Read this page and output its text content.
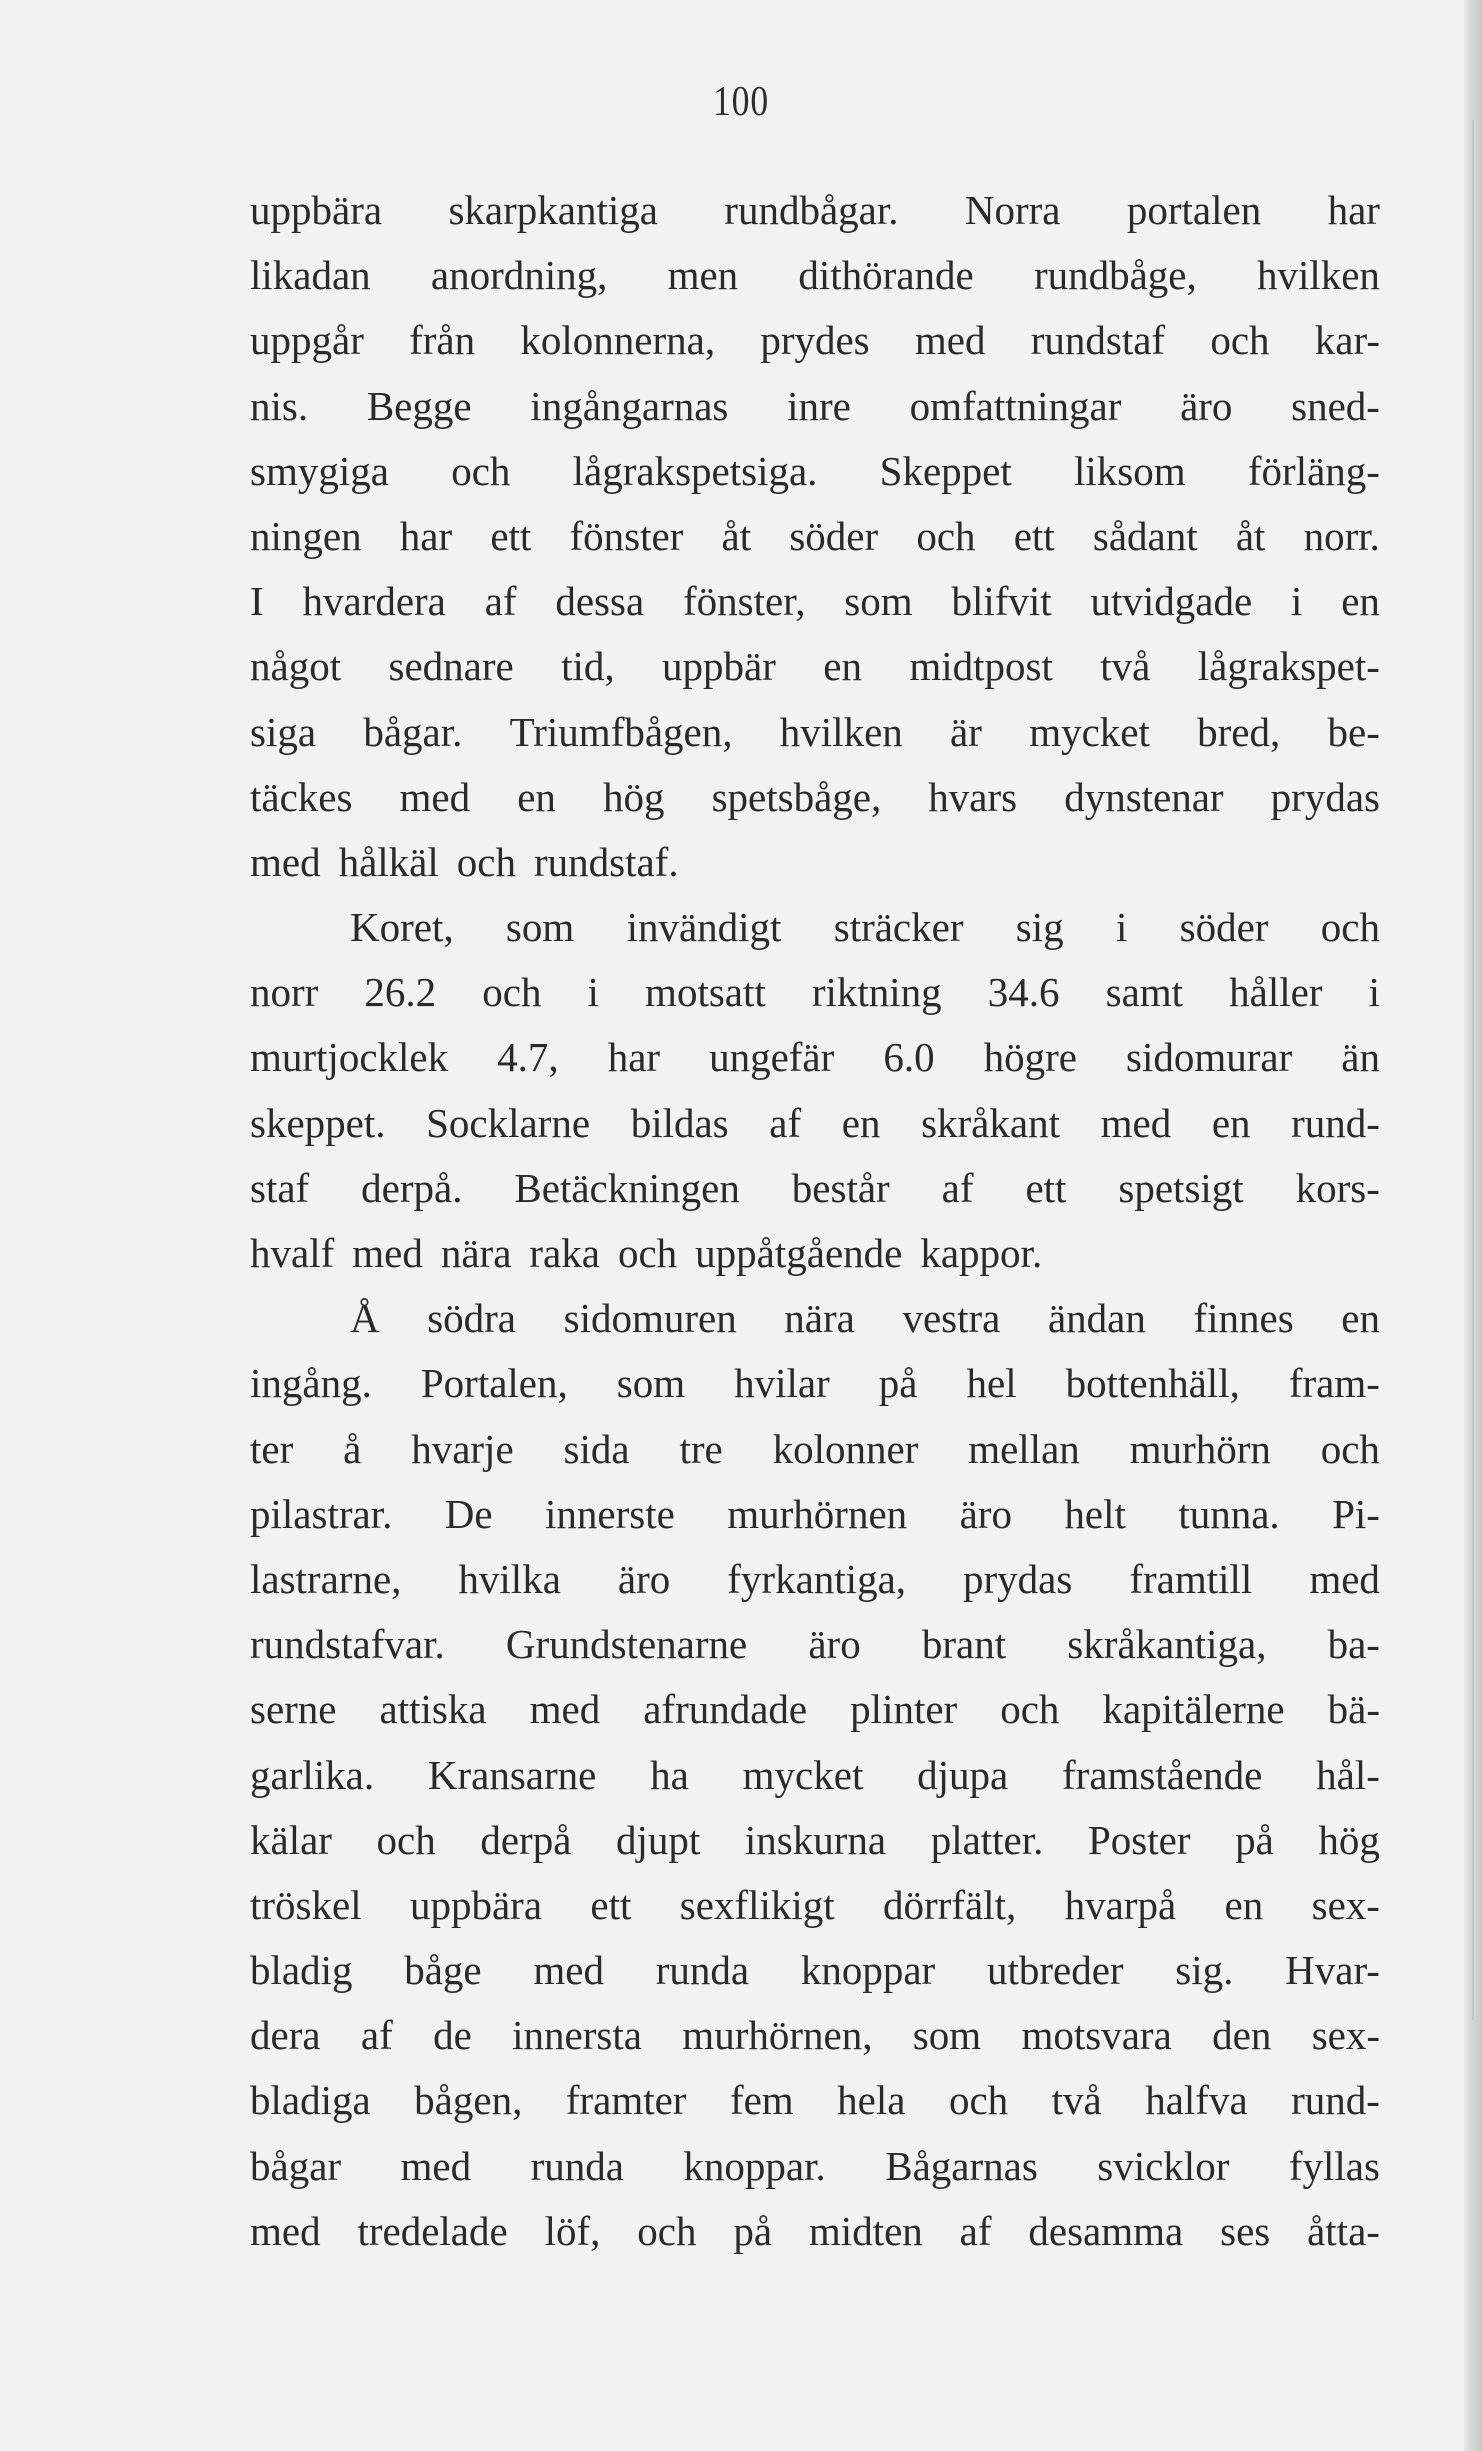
100
uppbära skarpkantiga rundbågar. Norra portalen har
likadan anordning, men dithörande rundbåge, hvilken
uppgår från kolonnerna, prydes med rundstaf och kar-
nis. Begge ingångarnas inre omfattningar äro sned-
smygiga och lågrakspetsiga. Skeppet liksom förläng-
ningen har ett fönster åt söder och ett sådant åt norr.
I hvardera af dessa fönster, som blifvit utvidgade i en
något sednare tid, uppbär en midtpost två lågrakspet-
siga bågar. Triumfbågen, hvilken är mycket bred, be-
täckes med en hög spetsbåge, hvars dynstenar prydas
med hålkäl och rundstaf.
Koret, som invändigt sträcker sig i söder och
norr 26.2 och i motsatt riktning 34.6 samt håller i
murtjocklek 4.7, har ungefär 6.0 högre sidomurar än
skeppet. Socklarne bildas af en skråkant med en rund-
staf derpå. Betäckningen består af ett spetsigt kors-
hvalf med nära raka och uppåtgående kappor.
Å södra sidomuren nära vestra ändan finnes en
ingång. Portalen, som hvilar på hel bottenhäll, fram-
ter å hvarje sida tre kolonner mellan murhörn och
pilastrar. De innerste murhörnen äro helt tunna. Pi-
lastrarne, hvilka äro fyrkantiga, prydas framtill med
rundstafvar. Grundstenarne äro brant skråkantiga, ba-
serne attiska med afrundade plinter och kapitälerne bä-
garlika. Kransarne ha mycket djupa framstående hål-
kälar och derpå djupt inskurna platter. Poster på hög
tröskel uppbära ett sexflikigt dörrfält, hvarpå en sex-
bladig båge med runda knoppar utbreder sig. Hvar-
dera af de innersta murhörnen, som motsvara den sex-
bladiga bågen, framter fem hela och två halfva rund-
bågar med runda knoppar. Bågarnas svicklor fyllas
med tredelade löf, och på midten af desamma ses åtta-
